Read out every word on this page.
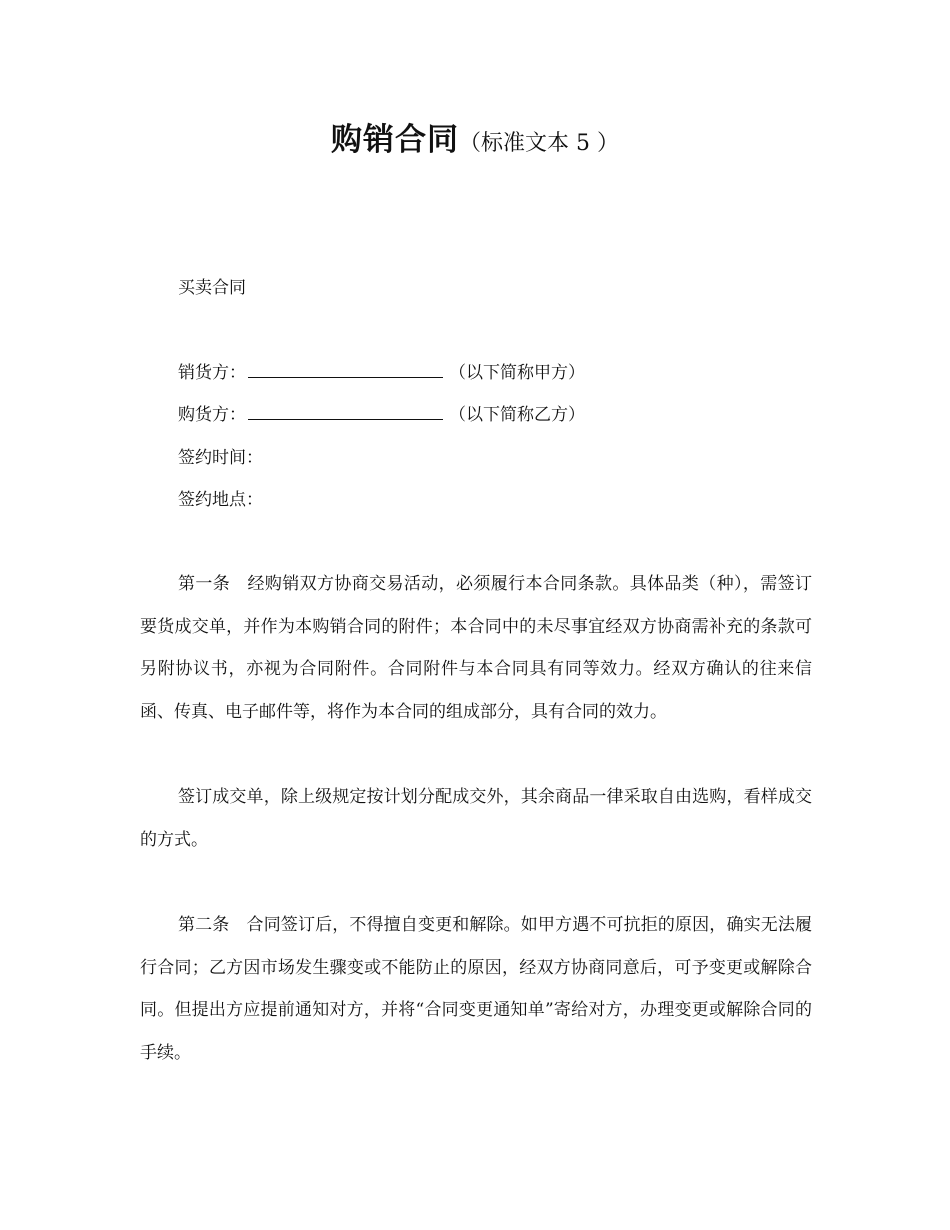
购销合同（标准文本 5 ）
买卖合同
销货方：	（以下简称甲方）
购货方：	（以下简称乙方）
签约时间：
签约地点：

第一条　经购销双方协商交易活动，必须履行本合同条款。具体品类（种），需签订要货成交单，并作为本购销合同的附件；本合同中的未尽事宜经双方协商需补充的条款可另附协议书，亦视为合同附件。合同附件与本合同具有同等效力。经双方确认的往来信函、传真、电子邮件等，将作为本合同的组成部分，具有合同的效力。

签订成交单，除上级规定按计划分配成交外，其余商品一律采取自由选购，看样成交的方式。

第二条　合同签订后，不得擅自变更和解除。如甲方遇不可抗拒的原因，确实无法履行合同；乙方因市场发生骤变或不能防止的原因，经双方协商同意后，可予变更或解除合同。但提出方应提前通知对方，并将“合同变更通知单”寄给对方，办理变更或解除合同的手续。
